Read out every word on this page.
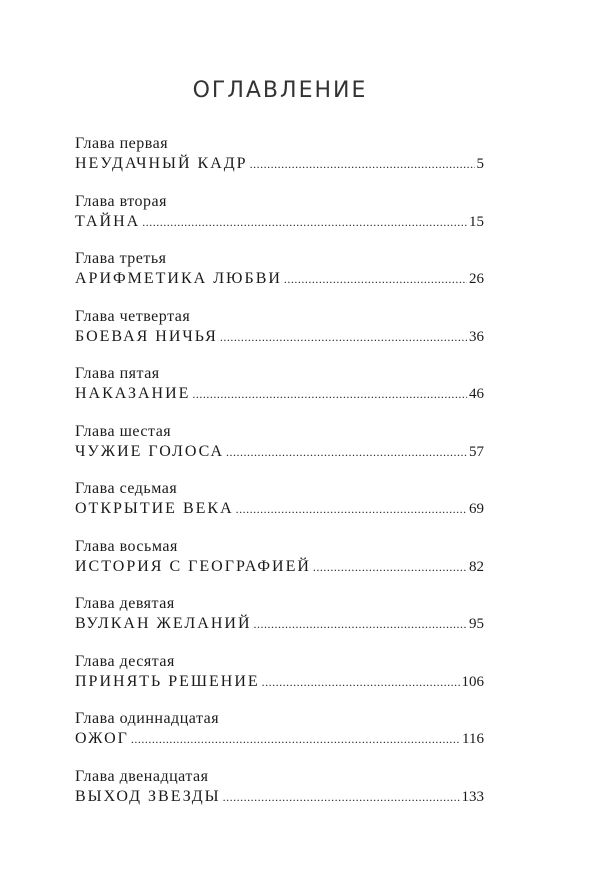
ОГЛАВЛЕНИЕ
Глава первая
НЕУДАЧНЫЙ КАДР .....	5
Глава вторая
ТАЙНА .....	15
Глава третья
АРИФМЕТИКА ЛЮБВИ .....	26
Глава четвертая
БОЕВАЯ НИЧЬЯ .....	36
Глава пятая
НАКАЗАНИЕ .....	46
Глава шестая
ЧУЖИЕ ГОЛОСА .....	57
Глава седьмая
ОТКРЫТИЕ ВЕКА .....	69
Глава восьмая
ИСТОРИЯ С ГЕОГРАФИЕЙ .....	82
Глава девятая
ВУЛКАН ЖЕЛАНИЙ .....	95
Глава десятая
ПРИНЯТЬ РЕШЕНИЕ .....	106
Глава одиннадцатая
ОЖОГ .....	116
Глава двенадцатая
ВЫХОД ЗВЕЗДЫ .....	133
